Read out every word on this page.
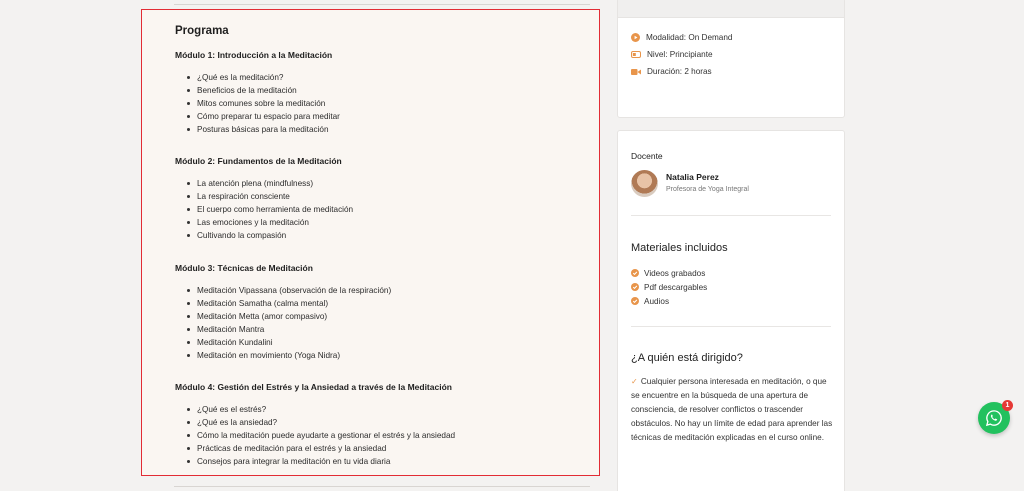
Programa
Módulo 1: Introducción a la Meditación
¿Qué es la meditación?
Beneficios de la meditación
Mitos comunes sobre la meditación
Cómo preparar tu espacio para meditar
Posturas básicas para la meditación
Módulo 2: Fundamentos de la Meditación
La atención plena (mindfulness)
La respiración consciente
El cuerpo como herramienta de meditación
Las emociones y la meditación
Cultivando la compasión
Módulo 3: Técnicas de Meditación
Meditación Vipassana (observación de la respiración)
Meditación Samatha (calma mental)
Meditación Metta (amor compasivo)
Meditación Mantra
Meditación Kundalini
Meditación en movimiento (Yoga Nidra)
Módulo 4: Gestión del Estrés y la Ansiedad a través de la Meditación
¿Qué es el estrés?
¿Qué es la ansiedad?
Cómo la meditación puede ayudarte a gestionar el estrés y la ansiedad
Prácticas de meditación para el estrés y la ansiedad
Consejos para integrar la meditación en tu vida diaria
Modalidad: On Demand
Nivel: Principiante
Duración: 2 horas
Docente
Natalia Perez
Profesora de Yoga Integral
Materiales incluidos
Videos grabados
Pdf descargables
Audios
¿A quién está dirigido?

✓ Cualquier persona interesada en meditación, o que se encuentre en la búsqueda de una apertura de consciencia, de resolver conflictos o trascender obstáculos. No hay un límite de edad para aprender las técnicas de meditación explicadas en el curso online.

1
